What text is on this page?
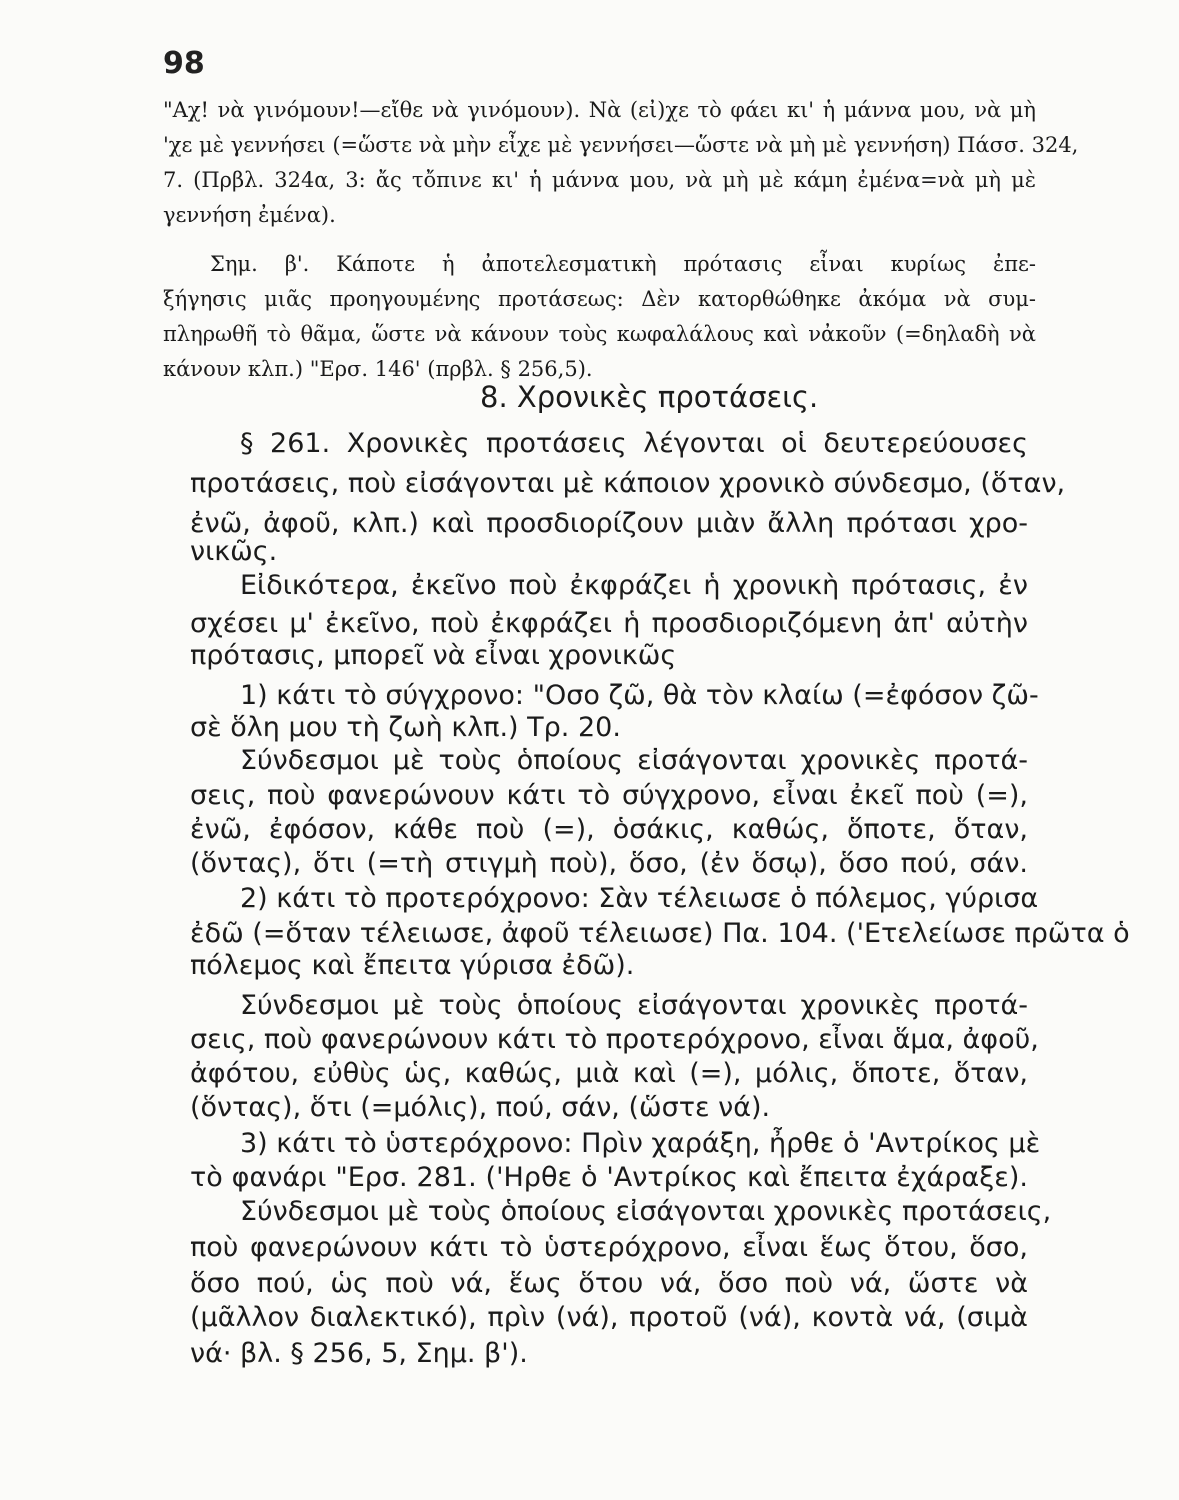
98
"Αχ! νὰ γινόμουν!—εἴθε νὰ γινόμουν). Νὰ (εἰ)χε τὸ φάει κι' ἡ μάννα μου, νὰ μὴ
'χε μὲ γεννήσει (=ὥστε νὰ μὴν εἶχε μὲ γεννήσει—ὥστε νὰ μὴ μὲ γεννήση) Πάσσ. 324,
7. (Πρβλ. 324α, 3: ἄς τὄπινε κι' ἡ μάννα μου, νὰ μὴ μὲ κάμη ἐμένα=νὰ μὴ μὲ
γεννήση ἐμένα).
Σημ. β'. Κάποτε ἡ ἀποτελεσματικὴ πρότασις εἶναι κυρίως ἐπε-
ξήγησις μιᾶς προηγουμένης προτάσεως: Δὲν κατορθώθηκε ἀκόμα νὰ συμ-
πληρωθῆ τὸ θᾶμα, ὥστε νὰ κάνουν τοὺς κωφαλάλους καὶ νἀκοῦν (=δηλαδὴ νὰ
κάνουν κλπ.) "Ερσ. 146' (πρβλ. § 256,5).
8. Χρονικὲς προτάσεις.
§ 261. Χρονικὲς προτάσεις λέγονται οἱ δευτερεύουσες
προτάσεις, ποὺ εἰσάγονται μὲ κάποιον χρονικὸ σύνδεσμο, (ὅταν,
ἐνῶ, ἀφοῦ, κλπ.) καὶ προσδιορίζουν μιὰν ἄλλη πρότασι χρο-
νικῶς.
Εἰδικότερα, ἐκεῖνο ποὺ ἐκφράζει ἡ χρονικὴ πρότασις, ἐν
σχέσει μ' ἐκεῖνο, ποὺ ἐκφράζει ἡ προσδιοριζόμενη ἀπ' αὐτὴν
πρότασις, μπορεῖ νὰ εἶναι χρονικῶς
1) κάτι τὸ σύγχρονο: "Οσο ζῶ, θὰ τὸν κλαίω (=ἐφόσον ζῶ-
σὲ ὅλη μου τὴ ζωὴ κλπ.) Τρ. 20.
Σύνδεσμοι μὲ τοὺς ὁποίους εἰσάγονται χρονικὲς προτά-
σεις, ποὺ φανερώνουν κάτι τὸ σύγχρονο, εἶναι ἐκεῖ ποὺ (=),
ἐνῶ, ἐφόσον, κάθε ποὺ (=), ὁσάκις, καθώς, ὅποτε, ὅταν,
(ὅντας), ὅτι (=τὴ στιγμὴ ποὺ), ὅσο, (ἐν ὅσῳ), ὅσο πού, σάν.
2) κάτι τὸ προτερόχρονο: Σὰν τέλειωσε ὁ πόλεμος, γύρισα
ἐδῶ (=ὅταν τέλειωσε, ἀφοῦ τέλειωσε) Πα. 104. ('Ετελείωσε πρῶτα ὁ
πόλεμος καὶ ἔπειτα γύρισα ἐδῶ).
Σύνδεσμοι μὲ τοὺς ὁποίους εἰσάγονται χρονικὲς προτά-
σεις, ποὺ φανερώνουν κάτι τὸ προτερόχρονο, εἶναι ἅμα, ἀφοῦ,
ἀφότου, εὐθὺς ὡς, καθώς, μιὰ καὶ (=), μόλις, ὅποτε, ὅταν,
(ὅντας), ὅτι (=μόλις), πού, σάν, (ὥστε νά).
3) κάτι τὸ ὑστερόχρονο: Πρὶν χαράξη, ἦρθε ὁ 'Αντρίκος μὲ
τὸ φανάρι "Ερσ. 281. ('Ηρθε ὁ 'Αντρίκος καὶ ἔπειτα ἐχάραξε).
Σύνδεσμοι μὲ τοὺς ὁποίους εἰσάγονται χρονικὲς προτάσεις,
ποὺ φανερώνουν κάτι τὸ ὑστερόχρονο, εἶναι ἕως ὅτου, ὅσο,
ὅσο πού, ὡς ποὺ νά, ἕως ὅτου νά, ὅσο ποὺ νά, ὥστε νὰ
(μᾶλλον διαλεκτικό), πρὶν (νά), προτοῦ (νά), κοντὰ νά, (σιμὰ
νά· βλ. § 256, 5, Σημ. β').
